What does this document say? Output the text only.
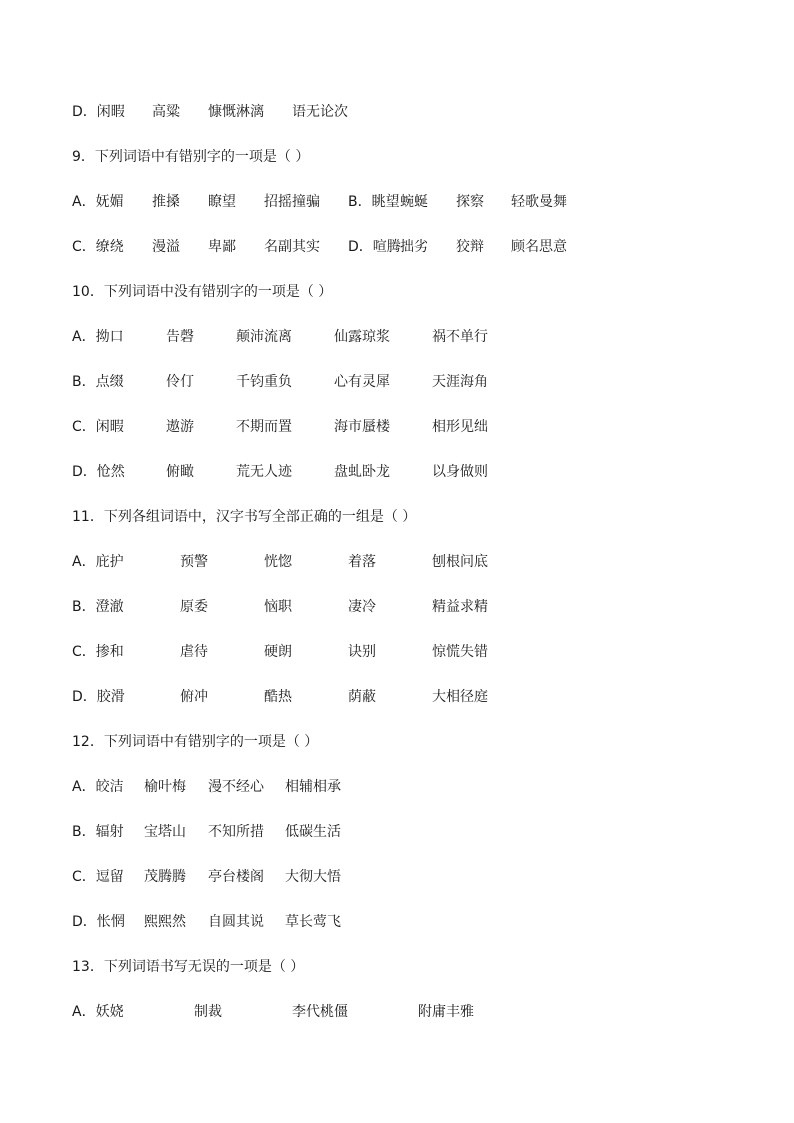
D．闲暇 高粱 慷慨淋漓 语无论次
9．下列词语中有错别字的一项是（ ）
A．妩媚 推搡 瞭望 招摇撞骗 B．眺望 蜿蜒 探察 轻歌曼舞
C．缭绕 漫溢 卑鄙 名副其实 D．喧腾 拙劣 狡辩 顾名思意
10．下列词语中没有错别字的一项是（ ）
A．拗口	告磬	颠沛流离	仙露琼浆	祸不单行
B．点缀	伶仃	千钧重负	心有灵犀	天涯海角
C．闲暇	遨游	不期而置	海市蜃楼	相形见绌
D．怆然	俯瞰	荒无人迹	盘虬卧龙	以身做则
11．下列各组词语中，汉字书写全部正确的一组是（ ）
A．庇护	预警	恍惚	着落	刨根问底
B．澄澈	原委	恼职	凄冷	精益求精
C．掺和	虐待	硬朗	诀别	惊慌失错
D．胶滑	俯冲	酷热	荫蔽	大相径庭
12．下列词语中有错别字的一项是（ ）
A．皎洁 榆叶梅 漫不经心 相辅相承
B．辐射 宝塔山 不知所措 低碳生活
C．逗留 茂腾腾 亭台楼阁 大彻大悟
D．怅惘 熙熙然 自圆其说 草长莺飞
13．下列词语书写无误的一项是（ ）
A．妖娆	制裁	李代桃僵	附庸丰雅
